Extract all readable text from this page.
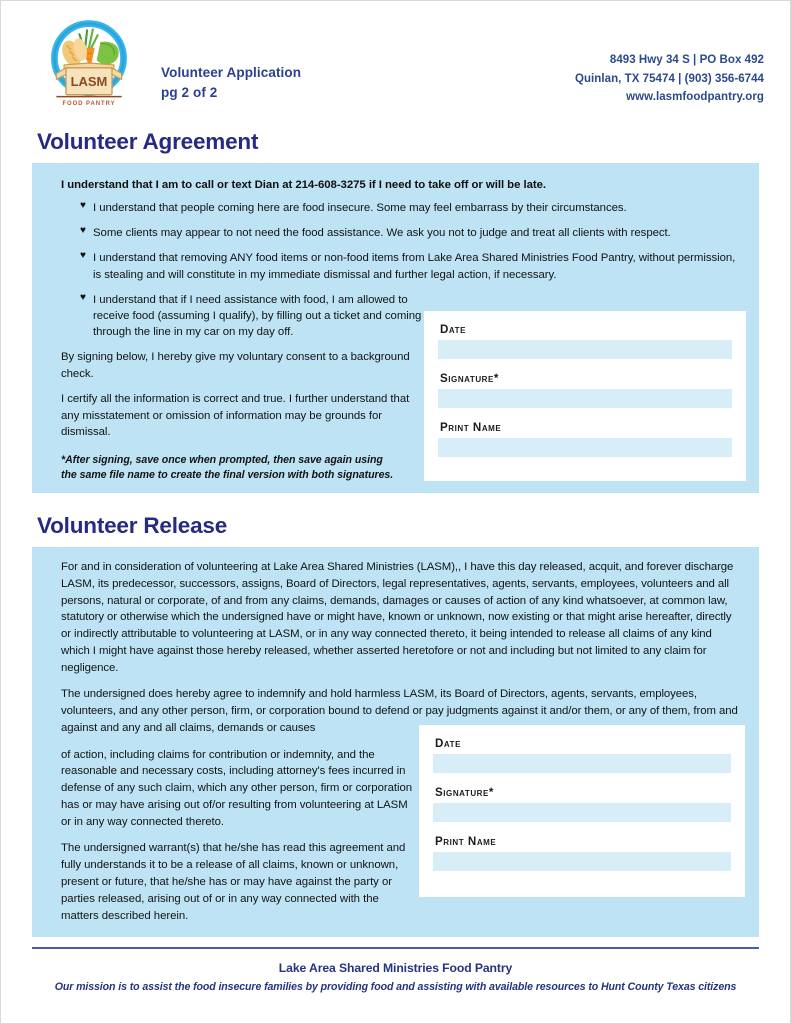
LASM
FOOD PANTRY
Volunteer Application
pg 2 of 2
8493 Hwy 34 S | PO Box 492
Quinlan, TX 75474 | (903) 356-6744
www.lasmfoodpantry.org
Volunteer Agreement

I understand that I am to call or text Dian at 214-608-3275 if I need to take off or will be late.

♥ I understand that people coming here are food insecure. Some may feel embarrass by their circumstances.
♥ Some clients may appear to not need the food assistance. We ask you not to judge and treat all clients with respect.
♥ I understand that removing ANY food items or non-food items from Lake Area Shared Ministries Food Pantry, without permission, is stealing and will constitute in my immediate dismissal and further legal action, if necessary.
♥ I understand that if I need assistance with food, I am allowed to receive food (assuming I qualify), by filling out a ticket and coming through the line in my car on my day off.

By signing below, I hereby give my voluntary consent to a background check.

I certify all the information is correct and true. I further understand that any misstatement or omission of information may be grounds for dismissal.

*After signing, save once when prompted, then save again using the same file name to create the final version with both signatures.

Date
Signature*
Print Name
Volunteer Release

For and in consideration of volunteering at Lake Area Shared Ministries (LASM),, I have this day released, acquit, and forever discharge LASM, its predecessor, successors, assigns, Board of Directors, legal representatives, agents, servants, employees, volunteers and all persons, natural or corporate, of and from any claims, demands, damages or causes of action of any kind whatsoever, at common law, statutory or otherwise which the undersigned have or might have, known or unknown, now existing or that might arise hereafter, directly or indirectly attributable to volunteering at LASM, or in any way connected thereto, it being intended to release all claims of any kind which I might have against those hereby released, whether asserted heretofore or not and including but not limited to any claim for negligence.

The undersigned does hereby agree to indemnify and hold harmless LASM, its Board of Directors, agents, servants, employees, volunteers, and any other person, firm, or corporation bound to defend or pay judgments against it and/or them, or any of them, from and against and any and all claims, demands or causes

of action, including claims for contribution or indemnity, and the reasonable and necessary costs, including attorney's fees incurred in defense of any such claim, which any other person, firm or corporation has or may have arising out of/or resulting from volunteering at LASM or in any way connected thereto.

The undersigned warrant(s) that he/she has read this agreement and fully understands it to be a release of all claims, known or unknown, present or future, that he/she has or may have against the party or parties released, arising out of or in any way connected with the matters described herein.

Date
Signature*
Print Name
Lake Area Shared Ministries Food Pantry
Our mission is to assist the food insecure families by providing food and assisting with available resources to Hunt County Texas citizens
